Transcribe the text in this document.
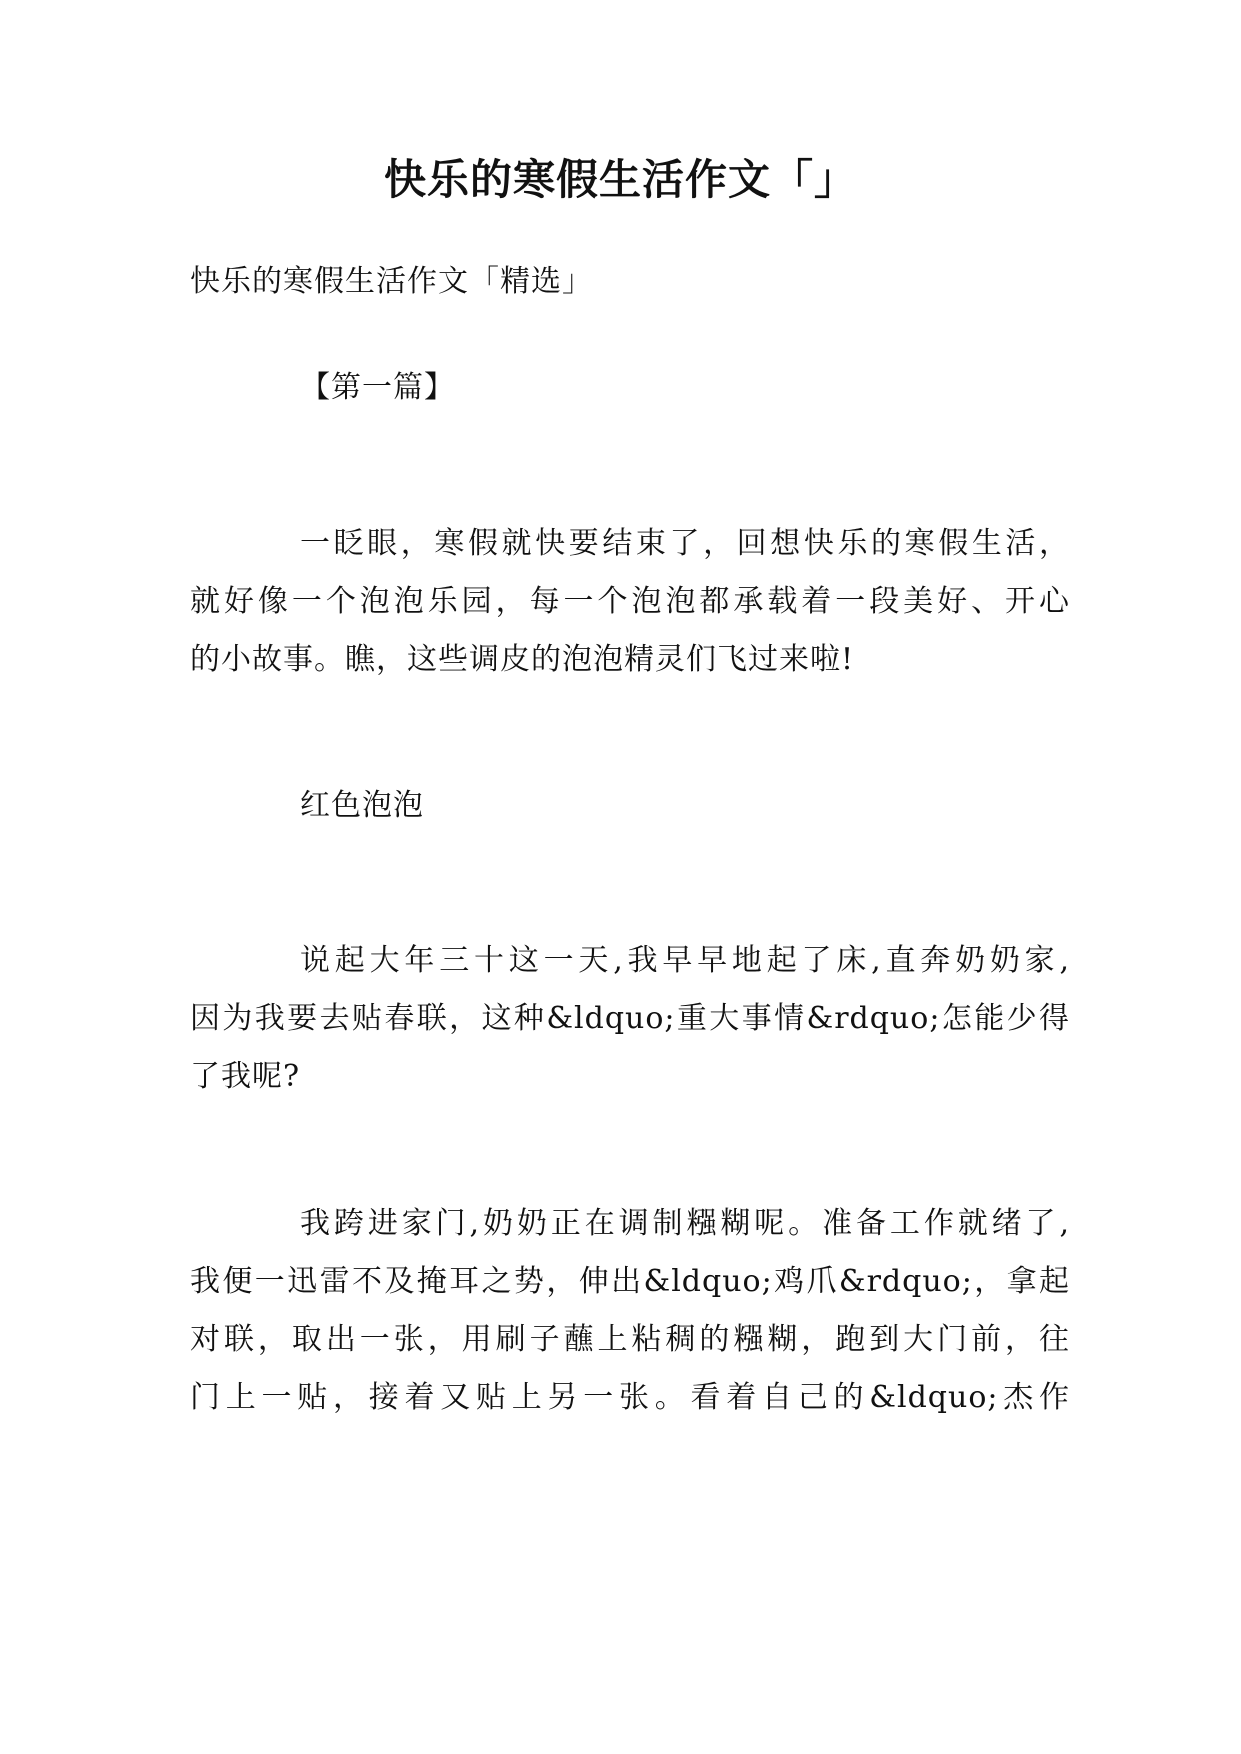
快乐的寒假生活作文「」
快乐的寒假生活作文「精选」
【第一篇】
一眨眼，寒假就快要结束了，回想快乐的寒假生活，
就好像一个泡泡乐园，每一个泡泡都承载着一段美好、开心
的小故事。瞧，这些调皮的泡泡精灵们飞过来啦!
红色泡泡
说起大年三十这一天,我早早地起了床,直奔奶奶家,
因为我要去贴春联，这种&ldquo;重大事情&rdquo;怎能少得
了我呢?
我跨进家门,奶奶正在调制糨糊呢。准备工作就绪了,
我便一迅雷不及掩耳之势，伸出&ldquo;鸡爪&rdquo;，拿起
对联，取出一张，用刷子蘸上粘稠的糨糊，跑到大门前，往
门上一贴，接着又贴上另一张。看着自己的&ldquo;杰作
